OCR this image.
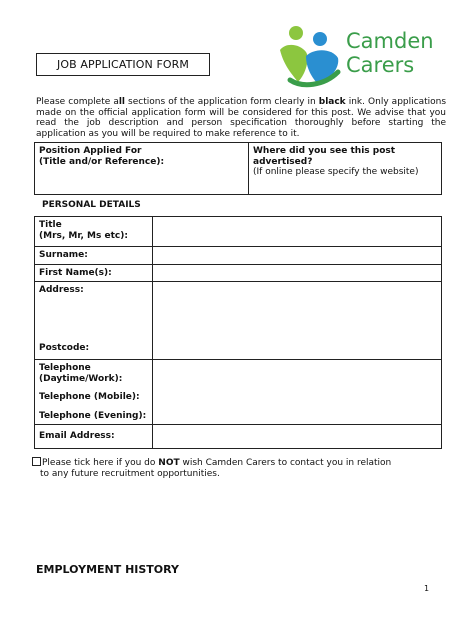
JOB APPLICATION FORM
Camden
Carers
Please complete all sections of the application form clearly in black ink. Only applications made on the official application form will be considered for this post. We advise that you read the job description and person specification thoroughly before starting the application as you will be required to make reference to it.
Position Applied For
(Title and/or Reference):

Where did you see this post
advertised?
(If online please specify the website)
PERSONAL DETAILS
Title
(Mrs, Mr, Ms etc):	

Surname:	
First Name(s):	

Address:
Postcode:	

Telephone
(Daytime/Work):
Telephone (Mobile):
Telephone (Evening):	

Email Address:	
Please tick here if you do NOT wish Camden Carers to contact you in relation
to any future recruitment opportunities.
EMPLOYMENT HISTORY
1
